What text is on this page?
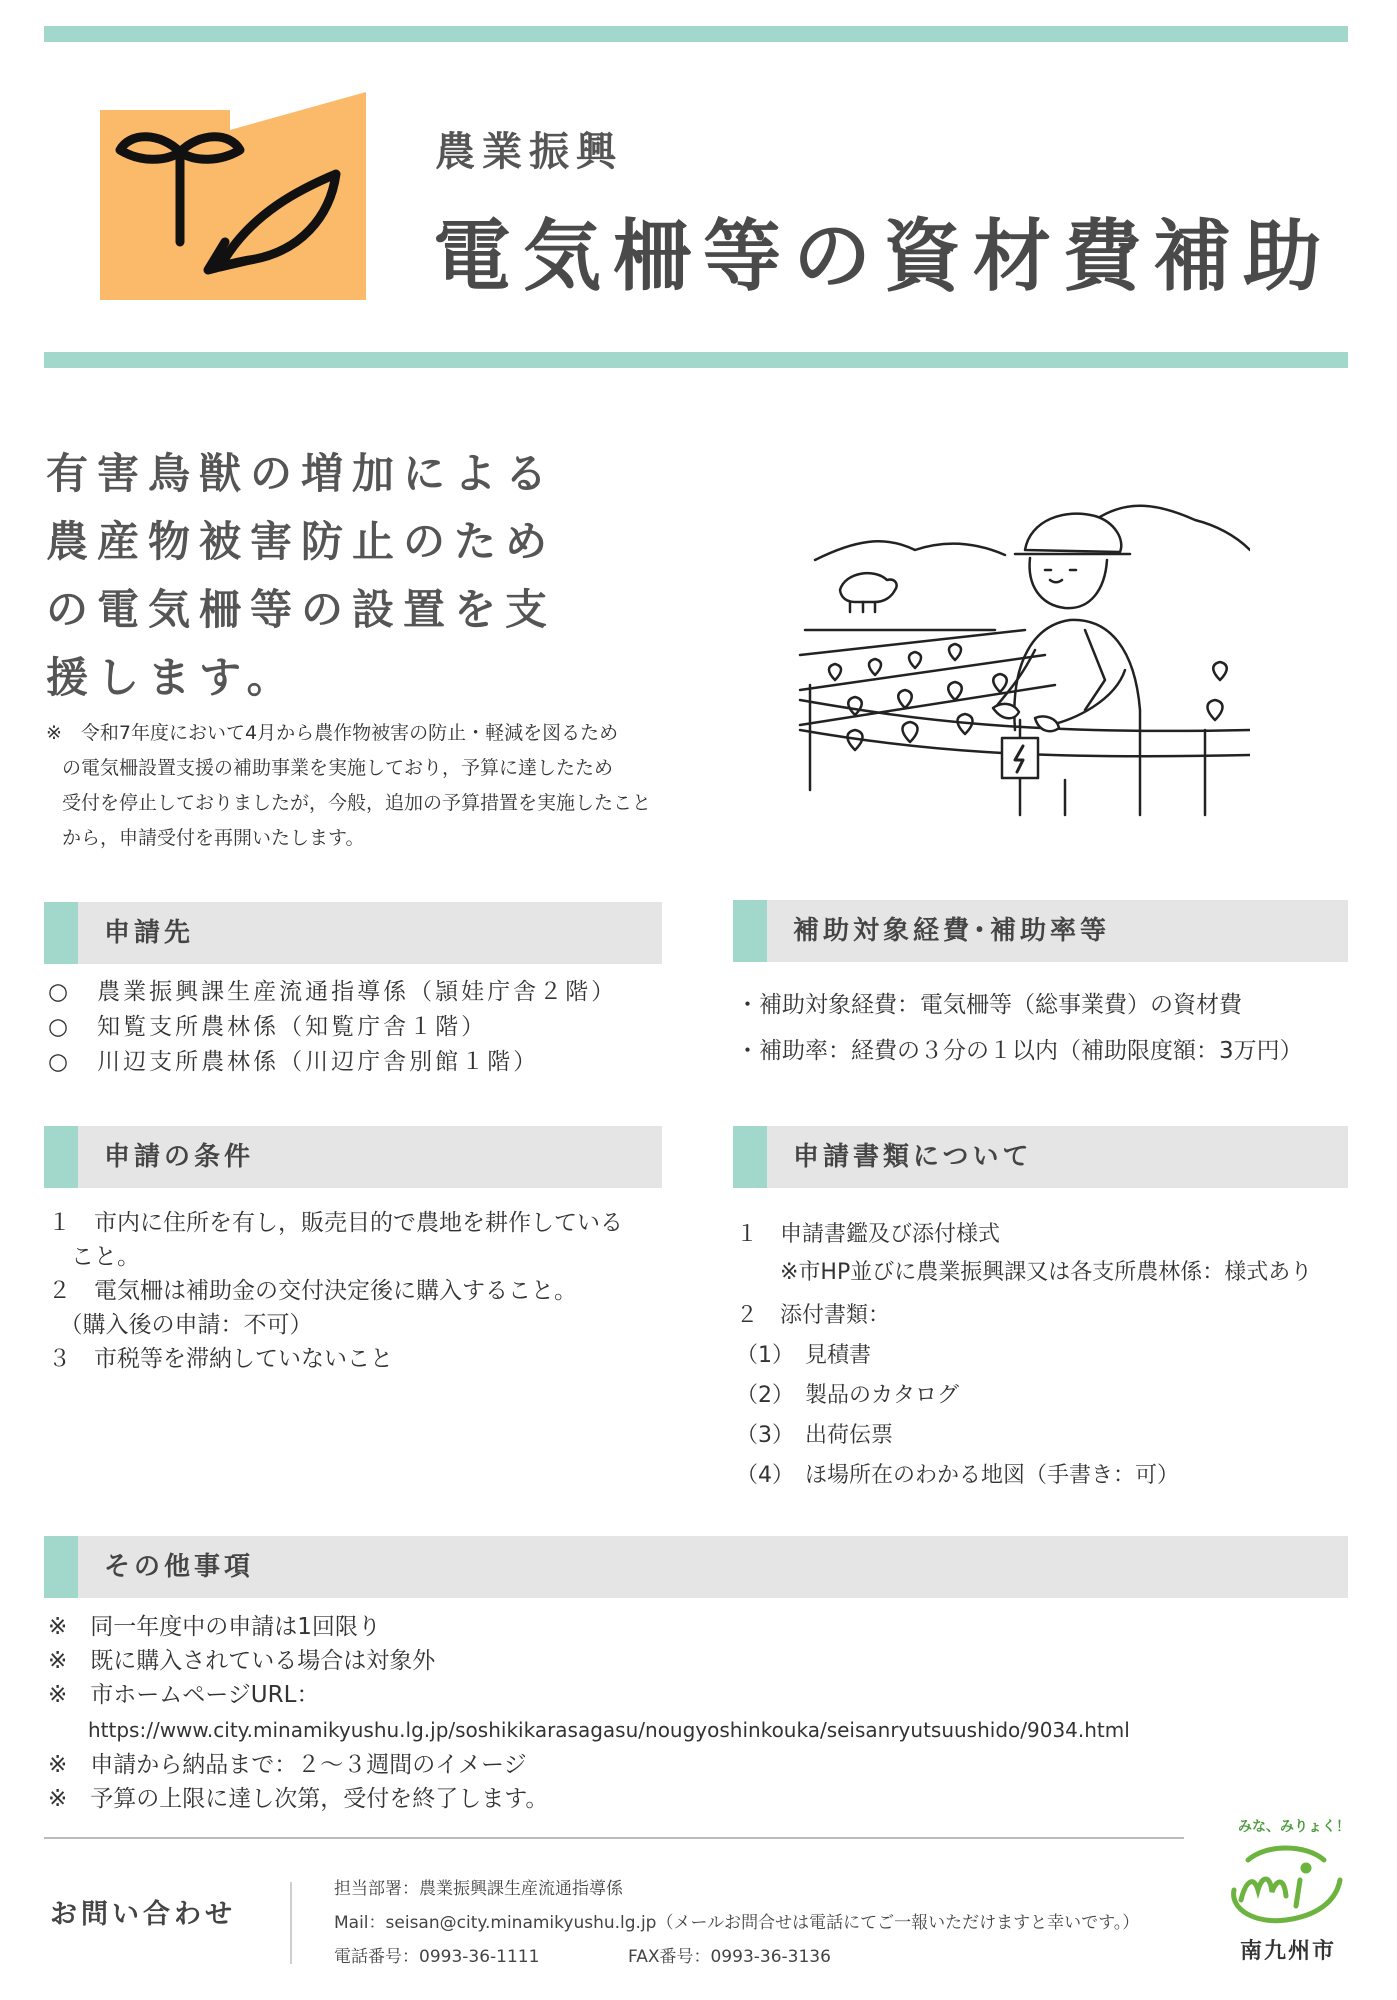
農業振興
電気柵等の資材費補助
有害鳥獣の増加による
農産物被害防止のため
の電気柵等の設置を支
援します。
※　令和7年度において4月から農作物被害の防止・軽減を図るため
の電気柵設置支援の補助事業を実施しており，予算に達したため
受付を停止しておりましたが，今般，追加の予算措置を実施したこと
から，申請受付を再開いたします。
申請先
○　農業振興課生産流通指導係（頴娃庁舎２階）
○　知覧支所農林係（知覧庁舎１階）
○　川辺支所農林係（川辺庁舎別館１階）
補助対象経費･補助率等
・補助対象経費：電気柵等（総事業費）の資材費
・補助率：経費の３分の１以内（補助限度額：3万円）
申請の条件
１　市内に住所を有し，販売目的で農地を耕作している
　こと。
２　電気柵は補助金の交付決定後に購入すること。
　（購入後の申請：不可）
３　市税等を滞納していないこと
申請書類について
１　申請書鑑及び添付様式
　　※市HP並びに農業振興課又は各支所農林係：様式あり
２　添付書類：
（1）　見積書
（2）　製品のカタログ
（3）　出荷伝票
（4）　ほ場所在のわかる地図（手書き：可）
その他事項
※　同一年度中の申請は1回限り
※　既に購入されている場合は対象外
※　市ホームページURL：
　　https://www.city.minamikyushu.lg.jp/soshikikarasagasu/nougyoshinkouka/seisanryutsuushido/9034.html
※　申請から納品まで：２～３週間のイメージ
※　予算の上限に達し次第，受付を終了します。
お問い合わせ
担当部署：農業振興課生産流通指導係
Mail：seisan@city.minamikyushu.lg.jp（メールお問合せは電話にてご一報いただけますと幸いです。）
電話番号：0993-36-1111	FAX番号：0993-36-3136
みな、みりょく！
南九州市
